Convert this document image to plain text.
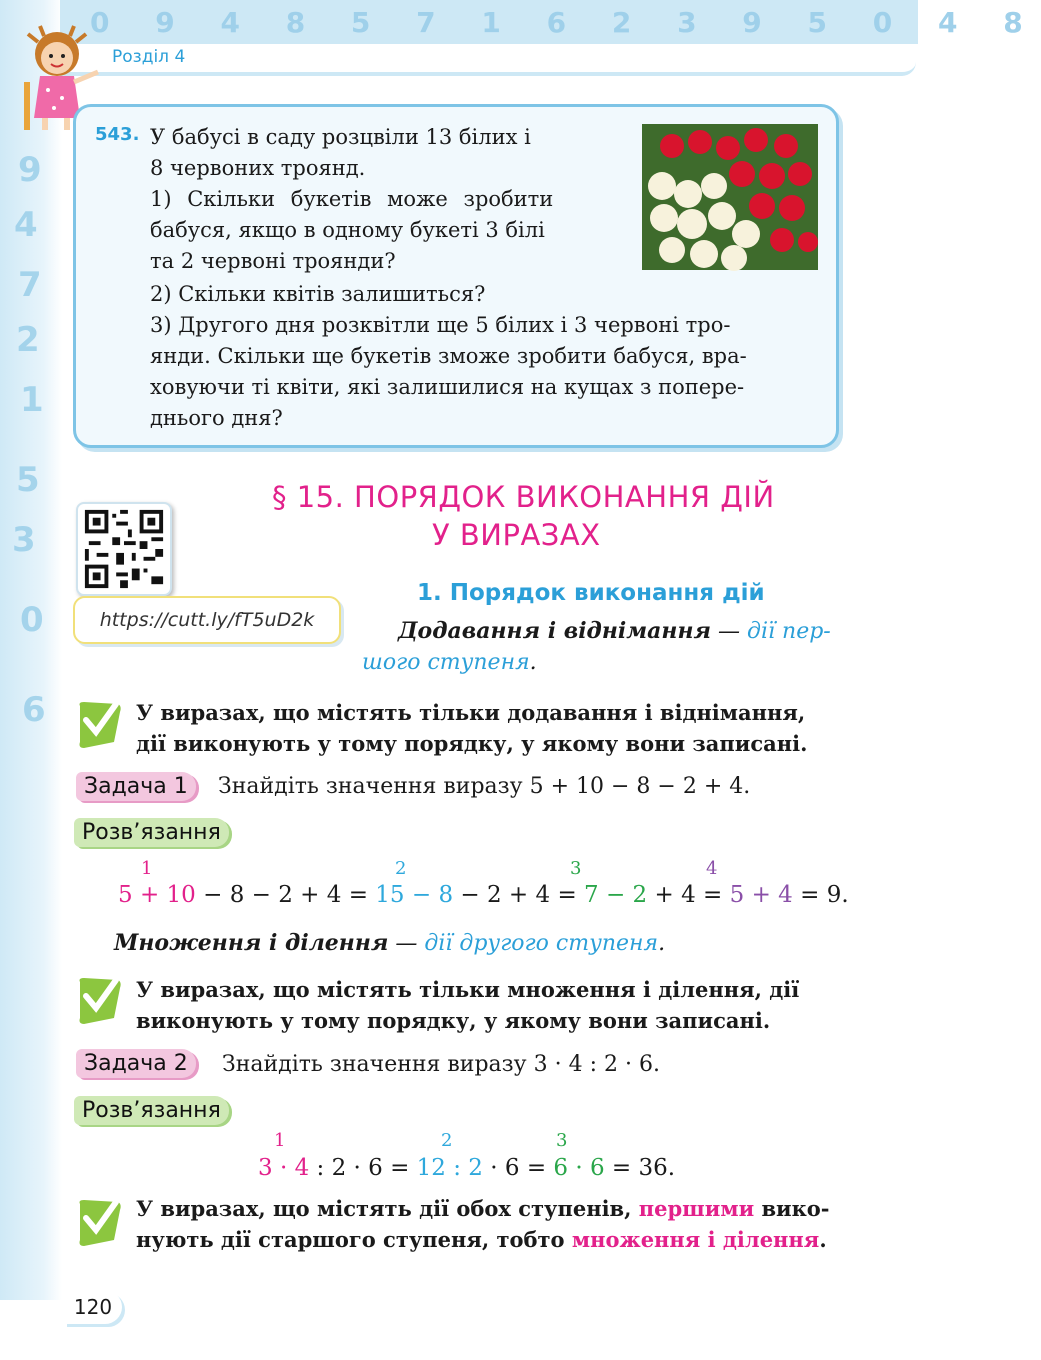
9
4
7
2
1
5
3
0
6
0 9 4 8 5 7 1 6 2 3 9 5 0 4 8
Розділ 4
543. У бабусі в саду розцвіли 13 білих і
8 червоних троянд.
1) Скільки букетів може зробити
бабуся, якщо в одному букеті 3 білі
та 2 червоні троянди?
2) Скільки квітів залишиться?
3) Другого дня розквітли ще 5 білих і 3 червоні тро-
янди. Скільки ще букетів зможе зробити бабуся, вра-
ховуючи ті квіти, які залишилися на кущах з попере-
днього дня?
https://cutt.ly/fT5uD2k
§ 15. ПОРЯДОК ВИКОНАННЯ ДІЙ
У ВИРАЗАХ
1. Порядок виконання дій
Додавання і віднімання — дії пер-
шого ступеня.
У виразах, що містять тільки додавання і віднімання,
дії виконують у тому порядку, у якому вони записані.
Задача 1	Знайдіть значення виразу 5 + 10 − 8 − 2 + 4.
Розв’язання
1	2	3	4
5 + 10 − 8 − 2 + 4 = 15 − 8 − 2 + 4 = 7 − 2 + 4 = 5 + 4 = 9.
Множення і ділення — дії другого ступеня.
У виразах, що містять тільки множення і ділення, дії
виконують у тому порядку, у якому вони записані.
Задача 2	Знайдіть значення виразу 3 · 4 : 2 · 6.
Розв’язання
1	2	3
3 · 4 : 2 · 6 = 12 : 2 · 6 = 6 · 6 = 36.
У виразах, що містять дії обох ступенів, першими вико-
нують дії старшого ступеня, тобто множення і ділення.
120
